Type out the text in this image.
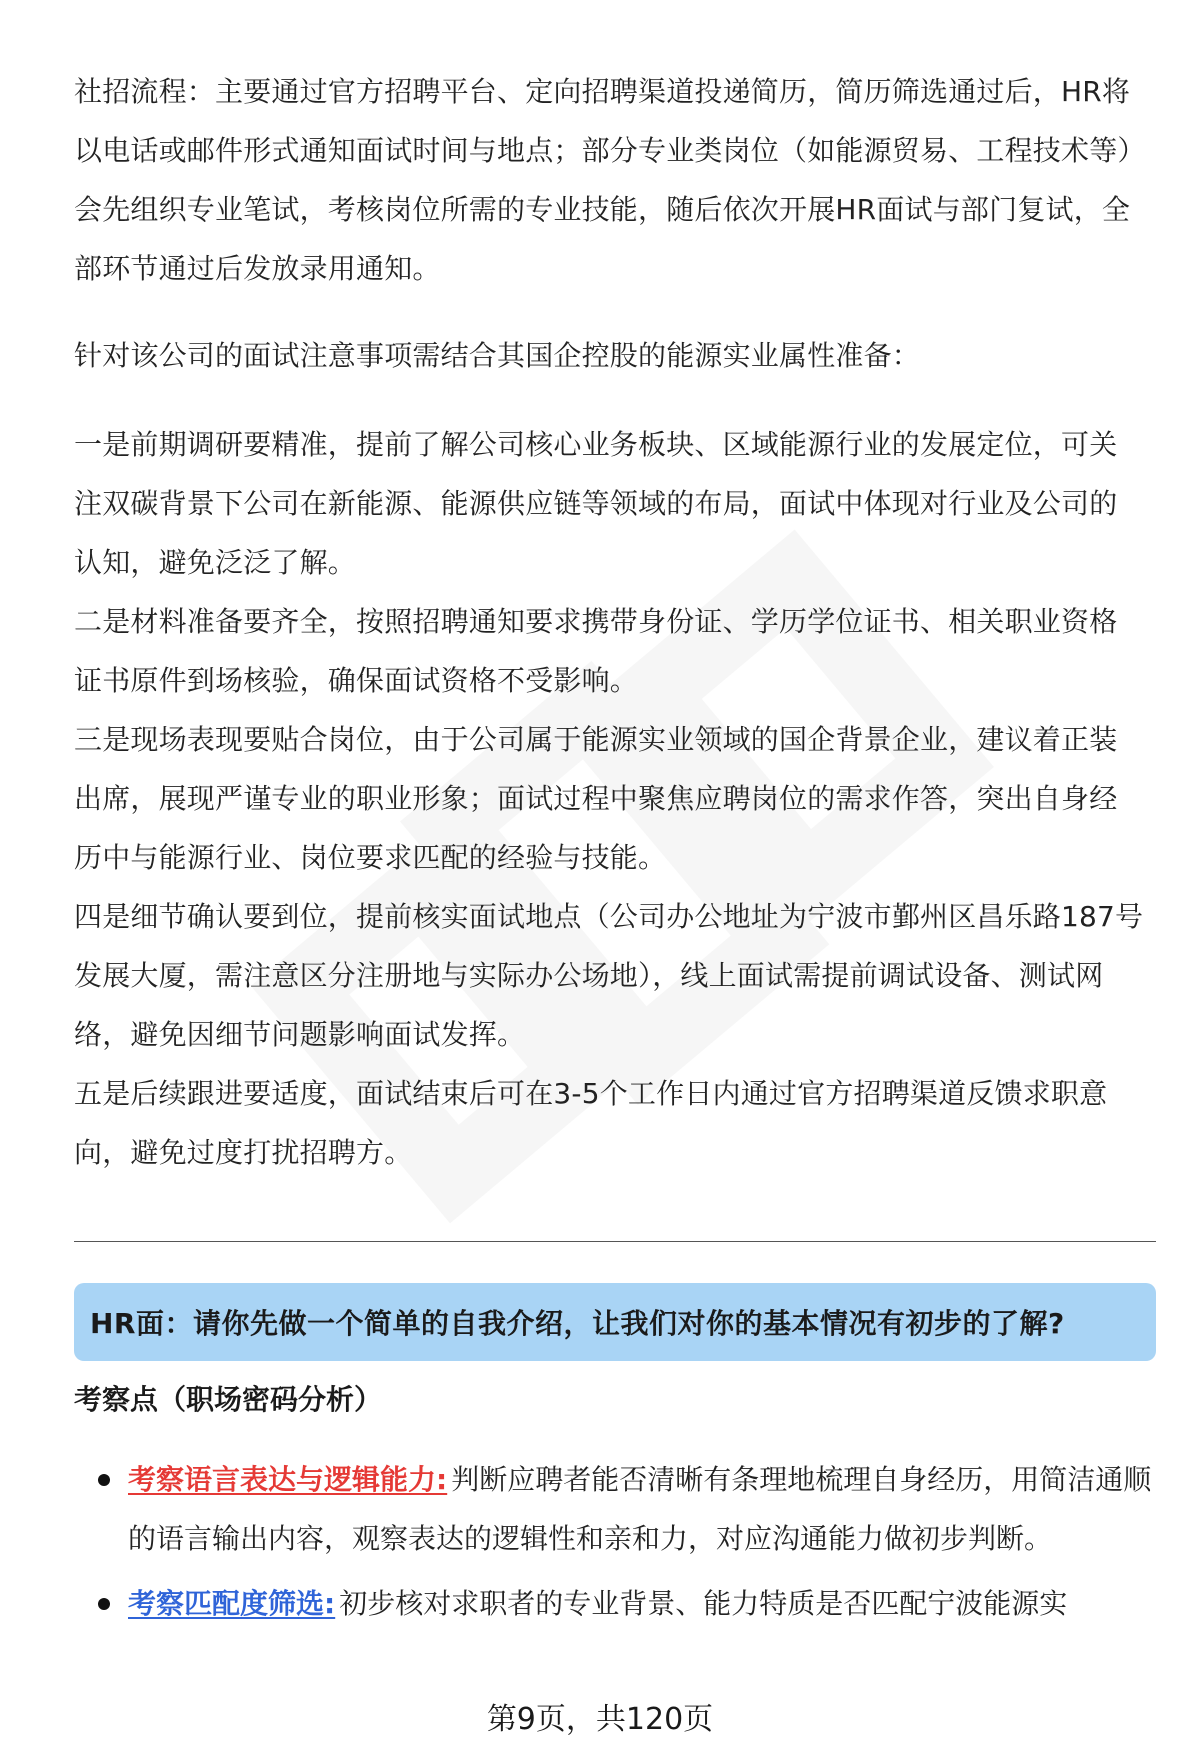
社招流程：主要通过官方招聘平台、定向招聘渠道投递简历，简历筛选通过后，HR将以电话或邮件形式通知面试时间与地点；部分专业类岗位（如能源贸易、工程技术等）会先组织专业笔试，考核岗位所需的专业技能，随后依次开展HR面试与部门复试，全部环节通过后发放录用通知。

针对该公司的面试注意事项需结合其国企控股的能源实业属性准备：

一是前期调研要精准，提前了解公司核心业务板块、区域能源行业的发展定位，可关注双碳背景下公司在新能源、能源供应链等领域的布局，面试中体现对行业及公司的认知，避免泛泛了解。

二是材料准备要齐全，按照招聘通知要求携带身份证、学历学位证书、相关职业资格证书原件到场核验，确保面试资格不受影响。

三是现场表现要贴合岗位，由于公司属于能源实业领域的国企背景企业，建议着正装出席，展现严谨专业的职业形象；面试过程中聚焦应聘岗位的需求作答，突出自身经历中与能源行业、岗位要求匹配的经验与技能。

四是细节确认要到位，提前核实面试地点（公司办公地址为宁波市鄞州区昌乐路187号发展大厦，需注意区分注册地与实际办公场地），线上面试需提前调试设备、测试网络，避免因细节问题影响面试发挥。

五是后续跟进要适度，面试结束后可在3-5个工作日内通过官方招聘渠道反馈求职意向，避免过度打扰招聘方。

HR面：请你先做一个简单的自我介绍，让我们对你的基本情况有初步的了解?
考察点（职场密码分析）
考察语言表达与逻辑能力: 判断应聘者能否清晰有条理地梳理自身经历，用简洁通顺的语言输出内容，观察表达的逻辑性和亲和力，对应沟通能力做初步判断。
考察匹配度筛选: 初步核对求职者的专业背景、能力特质是否匹配宁波能源实
第9页，共120页
